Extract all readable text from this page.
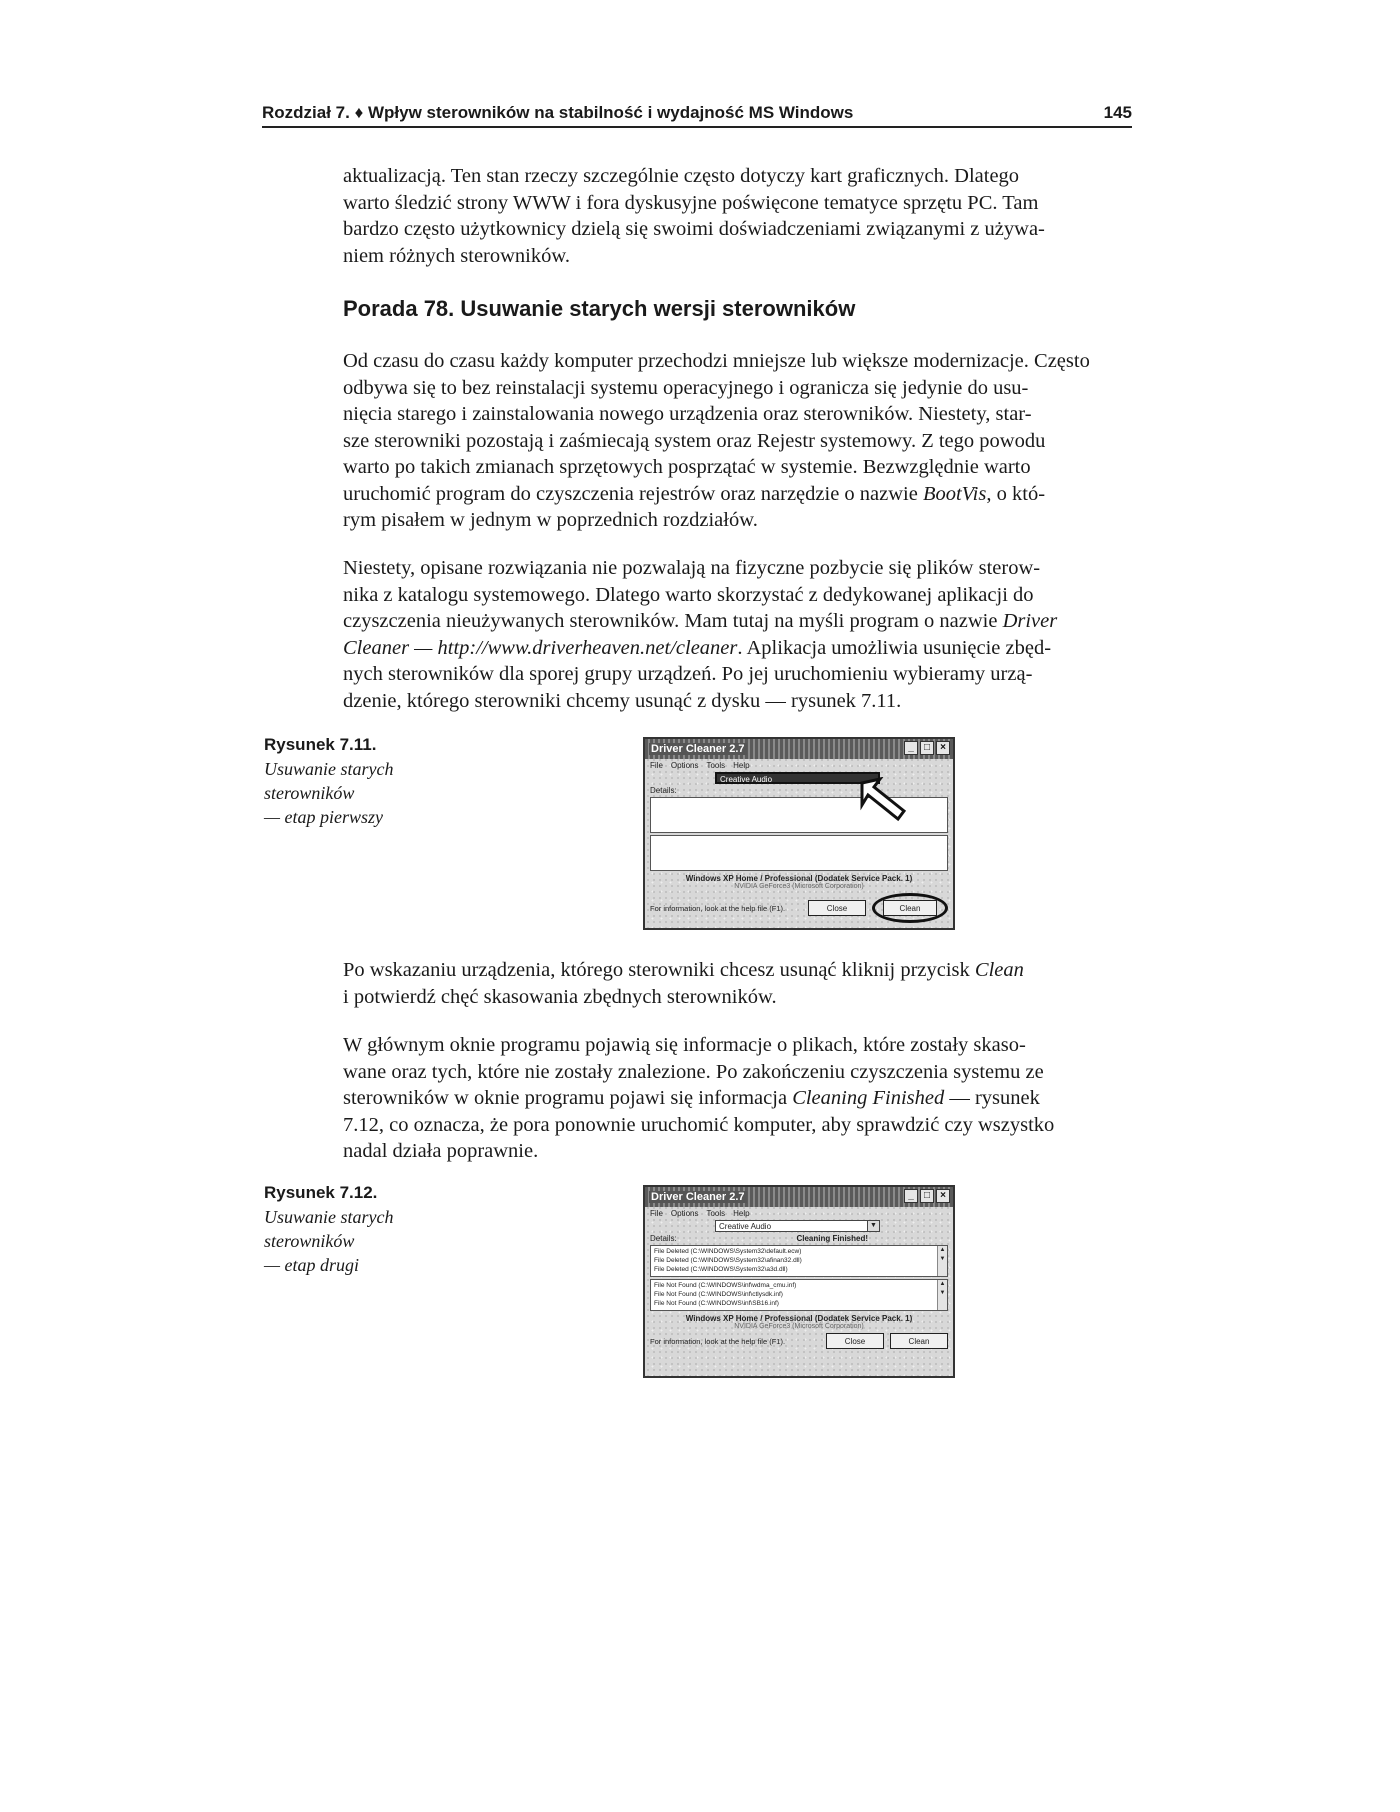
Rozdział 7. ♦ Wpływ sterowników na stabilność i wydajność MS Windows	145

aktualizacją. Ten stan rzeczy szczególnie często dotyczy kart graficznych. Dlatego

warto śledzić strony WWW i fora dyskusyjne poświęcone tematyce sprzętu PC. Tam

bardzo często użytkownicy dzielą się swoimi doświadczeniami związanymi z używa-

niem różnych sterowników.

Porada 78. Usuwanie starych wersji sterowników

Od czasu do czasu każdy komputer przechodzi mniejsze lub większe modernizacje. Często

odbywa się to bez reinstalacji systemu operacyjnego i ogranicza się jedynie do usu-

nięcia starego i zainstalowania nowego urządzenia oraz sterowników. Niestety, star-

sze sterowniki pozostają i zaśmiecają system oraz Rejestr systemowy. Z tego powodu

warto po takich zmianach sprzętowych posprzątać w systemie. Bezwzględnie warto

uruchomić program do czyszczenia rejestrów oraz narzędzie o nazwie BootVis, o któ-

rym pisałem w jednym w poprzednich rozdziałów.

Niestety, opisane rozwiązania nie pozwalają na fizyczne pozbycie się plików sterow-

nika z katalogu systemowego. Dlatego warto skorzystać z dedykowanej aplikacji do

czyszczenia nieużywanych sterowników. Mam tutaj na myśli program o nazwie Driver

Cleaner — http://www.driverheaven.net/cleaner. Aplikacja umożliwia usunięcie zbęd-

nych sterowników dla sporej grupy urządzeń. Po jej uruchomieniu wybieramy urzą-

dzenie, którego sterowniki chcemy usunąć z dysku — rysunek 7.11.

Rysunek 7.11.
Usuwanie starych
sterowników
— etap pierwszy
Driver Cleaner 2.7	_	□	×
File Options Tools Help
Creative Audio
Details:
Windows XP Home / Professional (Dodatek Service Pack. 1)
NVIDIA GeForce3 (Microsoft Corporation)
For information, look at the help file (F1).	Close	Clean

Po wskazaniu urządzenia, którego sterowniki chcesz usunąć kliknij przycisk Clean

i potwierdź chęć skasowania zbędnych sterowników.

W głównym oknie programu pojawią się informacje o plikach, które zostały skaso-

wane oraz tych, które nie zostały znalezione. Po zakończeniu czyszczenia systemu ze

sterowników w oknie programu pojawi się informacja Cleaning Finished — rysunek

7.12, co oznacza, że pora ponownie uruchomić komputer, aby sprawdzić czy wszystko

nadal działa poprawnie.

Rysunek 7.12.
Usuwanie starych
sterowników
— etap drugi
Driver Cleaner 2.7	_	□	×
File Options Tools Help
Creative Audio	▼
Details:	Cleaning Finished!
File Deleted (C:\WINDOWS\System32\default.ecw)
File Deleted (C:\WINDOWS\System32\afinan32.dll)
File Deleted (C:\WINDOWS\System32\a3d.dll)
▲
▼
File Not Found (C:\WINDOWS\inf\wdma_cmu.inf)
File Not Found (C:\WINDOWS\inf\ctlysdk.inf)
File Not Found (C:\WINDOWS\inf\SB16.inf)
▲
▼
Windows XP Home / Professional (Dodatek Service Pack. 1)
NVIDIA GeForce3 (Microsoft Corporation)
For information, look at the help file (F1).	Close	Clean
